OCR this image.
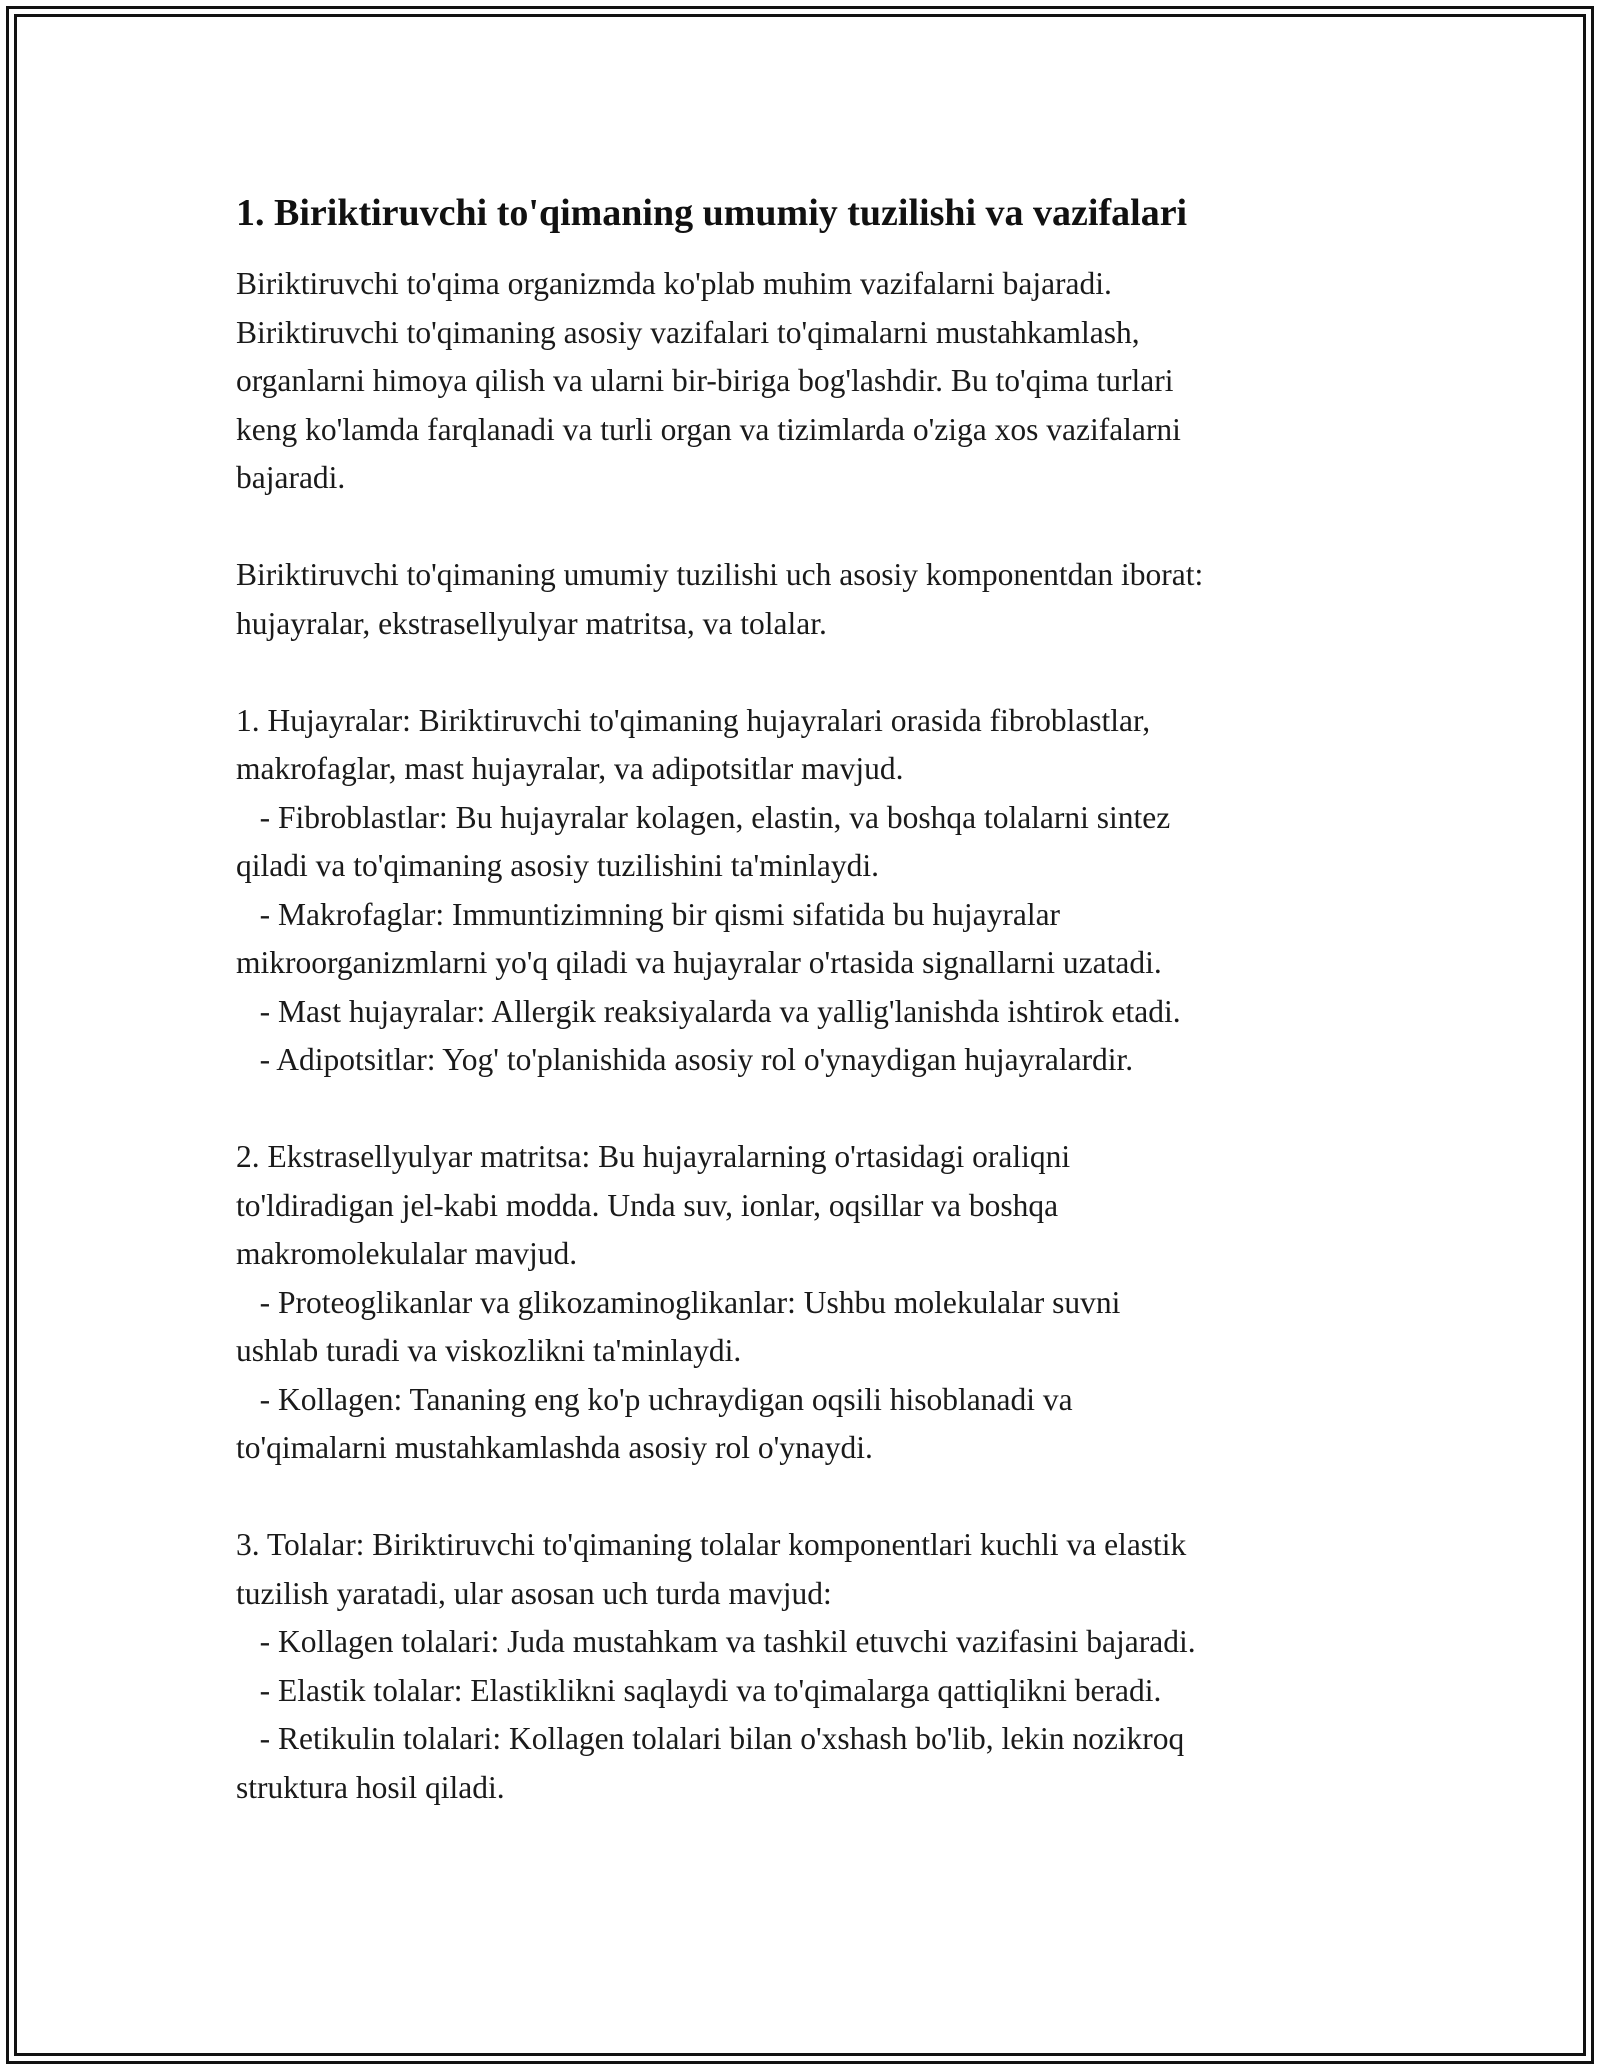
1. Biriktiruvchi to'qimaning umumiy tuzilishi va vazifalari

Biriktiruvchi to'qima organizmda ko'plab muhim vazifalarni bajaradi.
Biriktiruvchi to'qimaning asosiy vazifalari to'qimalarni mustahkamlash,
organlarni himoya qilish va ularni bir-biriga bog'lashdir. Bu to'qima turlari
keng ko'lamda farqlanadi va turli organ va tizimlarda o'ziga xos vazifalarni
bajaradi.

Biriktiruvchi to'qimaning umumiy tuzilishi uch asosiy komponentdan iborat:
hujayralar, ekstrasellyulyar matritsa, va tolalar.

1. Hujayralar: Biriktiruvchi to'qimaning hujayralari orasida fibroblastlar,
makrofaglar, mast hujayralar, va adipotsitlar mavjud.
- Fibroblastlar: Bu hujayralar kolagen, elastin, va boshqa tolalarni sintez
qiladi va to'qimaning asosiy tuzilishini ta'minlaydi.
- Makrofaglar: Immuntizimning bir qismi sifatida bu hujayralar
mikroorganizmlarni yo'q qiladi va hujayralar o'rtasida signallarni uzatadi.
- Mast hujayralar: Allergik reaksiyalarda va yallig'lanishda ishtirok etadi.
- Adipotsitlar: Yog' to'planishida asosiy rol o'ynaydigan hujayralardir.

2. Ekstrasellyulyar matritsa: Bu hujayralarning o'rtasidagi oraliqni
to'ldiradigan jel-kabi modda. Unda suv, ionlar, oqsillar va boshqa
makromolekulalar mavjud.
- Proteoglikanlar va glikozaminoglikanlar: Ushbu molekulalar suvni
ushlab turadi va viskozlikni ta'minlaydi.
- Kollagen: Tananing eng ko'p uchraydigan oqsili hisoblanadi va
to'qimalarni mustahkamlashda asosiy rol o'ynaydi.

3. Tolalar: Biriktiruvchi to'qimaning tolalar komponentlari kuchli va elastik
tuzilish yaratadi, ular asosan uch turda mavjud:
- Kollagen tolalari: Juda mustahkam va tashkil etuvchi vazifasini bajaradi.
- Elastik tolalar: Elastiklikni saqlaydi va to'qimalarga qattiqlikni beradi.
- Retikulin tolalari: Kollagen tolalari bilan o'xshash bo'lib, lekin nozikroq
struktura hosil qiladi.
